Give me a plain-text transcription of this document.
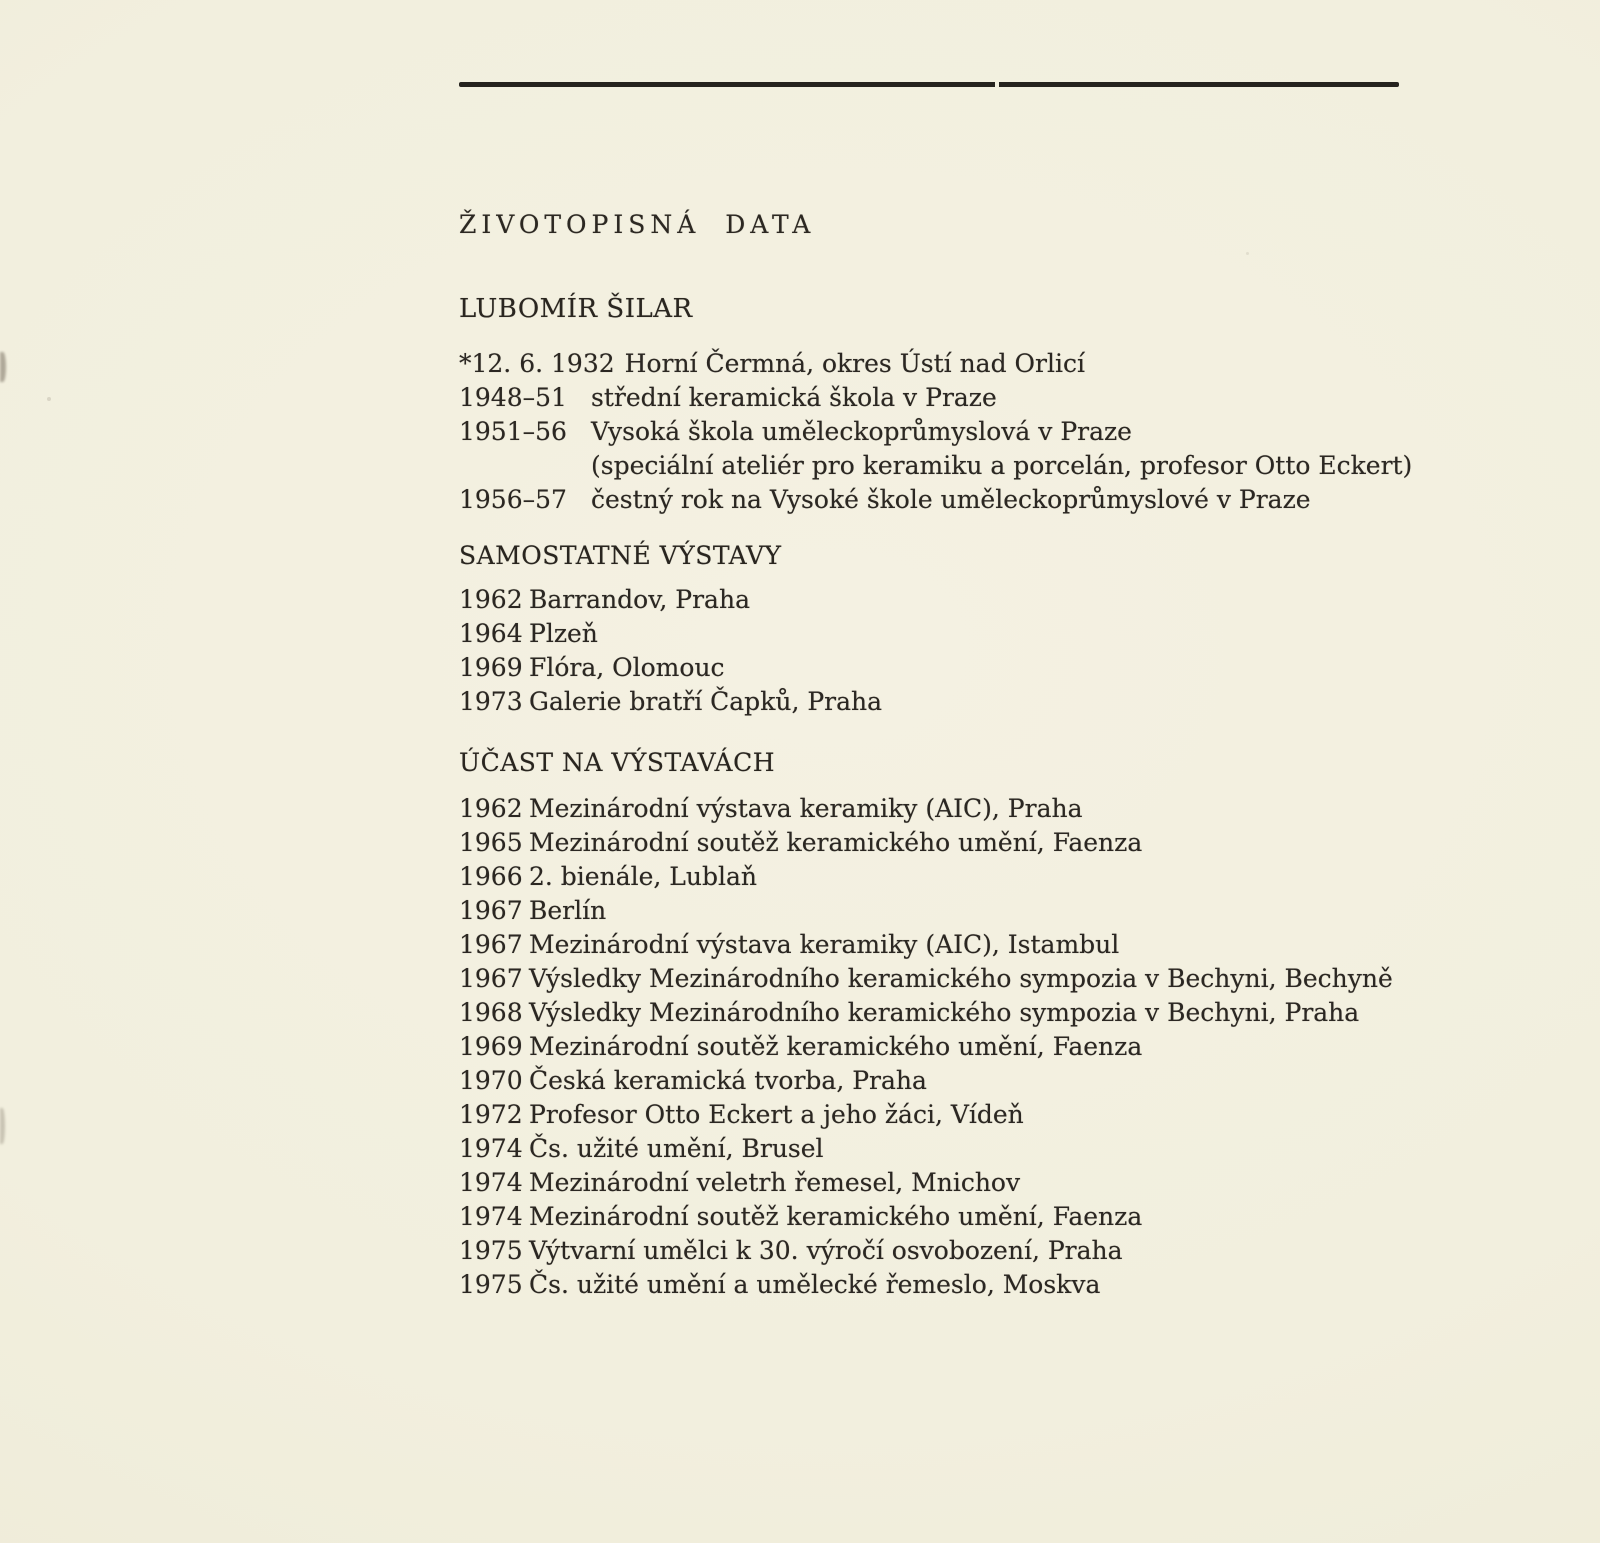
ŽIVOTOPISNÁ DATA
LUBOMÍR ŠILAR
*12. 6. 1932 Horní Čermná, okres Ústí nad Orlicí
1948–51 střední keramická škola v Praze
1951–56 Vysoká škola uměleckoprůmyslová v Praze
(speciální ateliér pro keramiku a porcelán, profesor Otto Eckert)
1956–57 čestný rok na Vysoké škole uměleckoprůmyslové v Praze
SAMOSTATNÉ VÝSTAVY
1962 Barrandov, Praha
1964 Plzeň
1969 Flóra, Olomouc
1973 Galerie bratří Čapků, Praha
ÚČAST NA VÝSTAVÁCH
1962 Mezinárodní výstava keramiky (AIC), Praha
1965 Mezinárodní soutěž keramického umění, Faenza
1966 2. bienále, Lublaň
1967 Berlín
1967 Mezinárodní výstava keramiky (AIC), Istambul
1967 Výsledky Mezinárodního keramického sympozia v Bechyni, Bechyně
1968 Výsledky Mezinárodního keramického sympozia v Bechyni, Praha
1969 Mezinárodní soutěž keramického umění, Faenza
1970 Česká keramická tvorba, Praha
1972 Profesor Otto Eckert a jeho žáci, Vídeň
1974 Čs. užité umění, Brusel
1974 Mezinárodní veletrh řemesel, Mnichov
1974 Mezinárodní soutěž keramického umění, Faenza
1975 Výtvarní umělci k 30. výročí osvobození, Praha
1975 Čs. užité umění a umělecké řemeslo, Moskva
